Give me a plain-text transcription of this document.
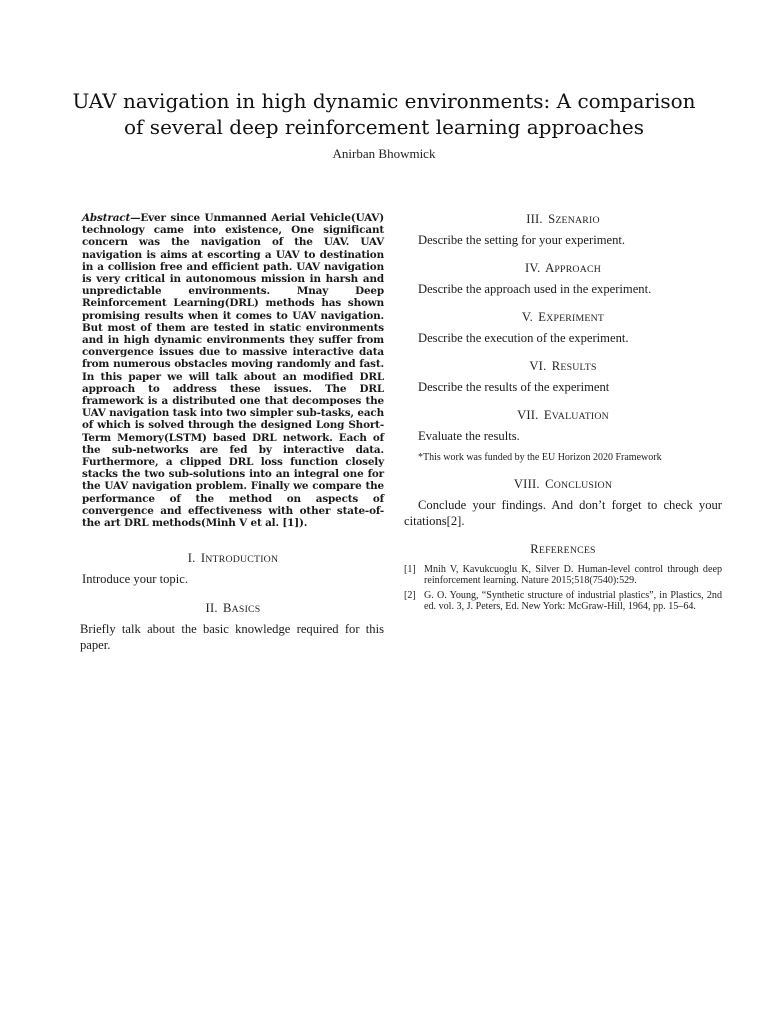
UAV navigation in high dynamic environments: A comparison
of several deep reinforcement learning approaches
Anirban Bhowmick

Abstract—Ever since Unmanned Aerial Vehicle(UAV) technology came into existence, One significant concern was the navigation of the UAV. UAV navigation is aims at escorting a UAV to destination in a collision free and efficient path. UAV navigation is very critical in autonomous mission in harsh and unpredictable environments. Mnay Deep Reinforcement Learning(DRL) methods has shown promising results when it comes to UAV navigation. But most of them are tested in static environments and in high dynamic environments they suffer from convergence issues due to massive interactive data from numerous obstacles moving randomly and fast. In this paper we will talk about an modified DRL approach to address these issues. The DRL framework is a distributed one that decomposes the UAV navigation task into two simpler sub-tasks, each of which is solved through the designed Long Short-Term Memory(LSTM) based DRL network. Each of the sub-networks are fed by interactive data. Furthermore, a clipped DRL loss function closely stacks the two sub-solutions into an integral one for the UAV navigation problem. Finally we compare the performance of the method on aspects of convergence and effectiveness with other state-of-the art DRL methods(Minh V et al. [1]).

I. INTRODUCTION

Introduce your topic.

II. BASICS

Briefly talk about the basic knowledge required for this paper.

III. SZENARIO

Describe the setting for your experiment.

IV. APPROACH

Describe the approach used in the experiment.

V. EXPERIMENT

Describe the execution of the experiment.

VI. RESULTS

Describe the results of the experiment

VII. EVALUATION

Evaluate the results.

*This work was funded by the EU Horizon 2020 Framework

VIII. CONCLUSION

Conclude your findings. And don’t forget to check your citations[2].

REFERENCES

[1] Mnih V, Kavukcuoglu K, Silver D. Human-level control through deep reinforcement learning. Nature 2015;518(7540):529.
[2] G. O. Young, “Synthetic structure of industrial plastics”, in Plastics, 2nd ed. vol. 3, J. Peters, Ed. New York: McGraw-Hill, 1964, pp. 15–64.
